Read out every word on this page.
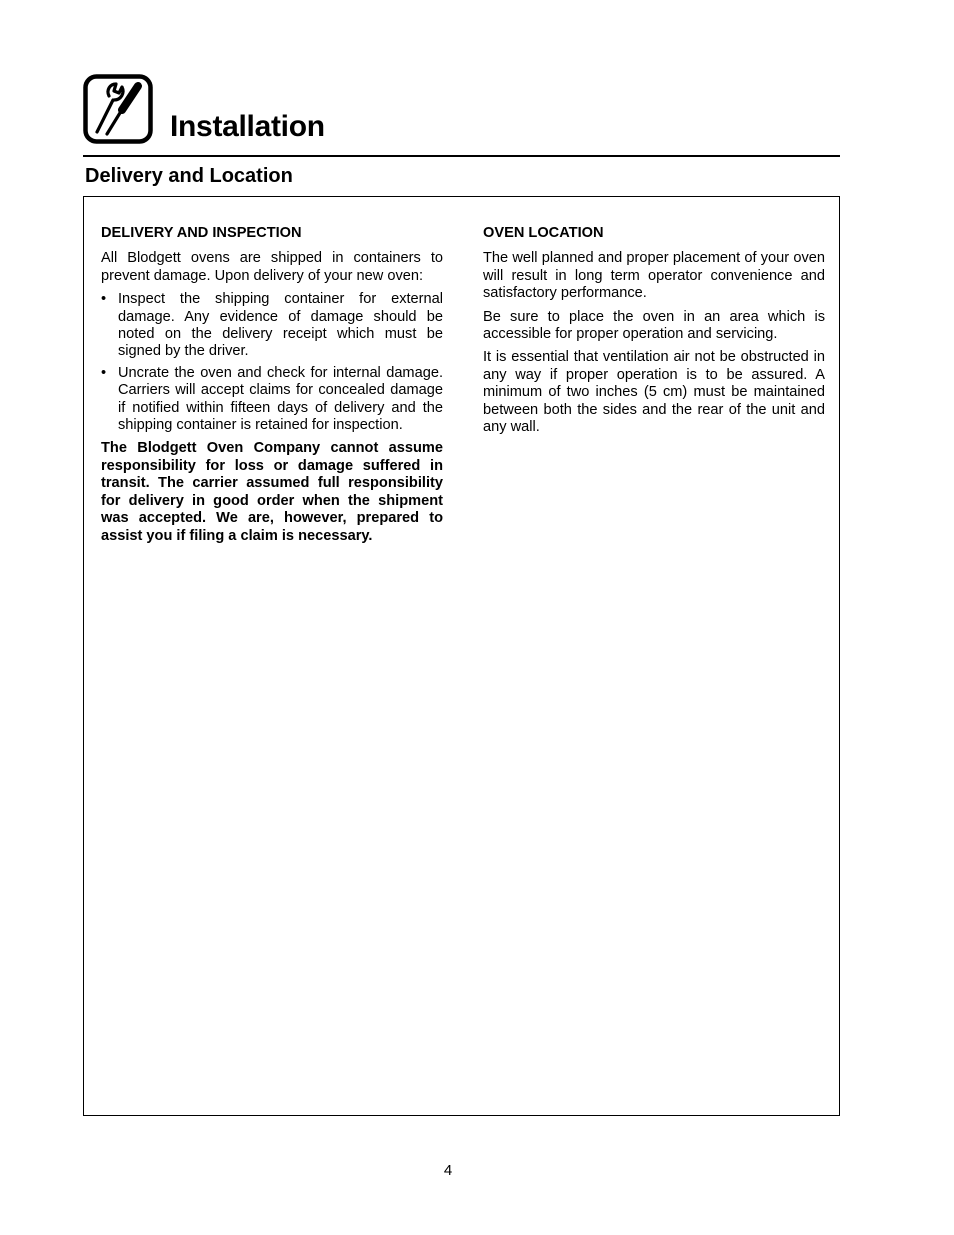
Installation
Delivery and Location
DELIVERY AND INSPECTION

All Blodgett ovens are shipped in containers to prevent damage. Upon delivery of your new oven:

• Inspect the shipping container for external damage. Any evidence of damage should be noted on the delivery receipt which must be signed by the driver.
• Uncrate the oven and check for internal damage. Carriers will accept claims for concealed damage if notified within fifteen days of delivery and the shipping container is retained for inspection.

The Blodgett Oven Company cannot assume responsibility for loss or damage suffered in transit. The carrier assumed full responsibility for delivery in good order when the shipment was accepted. We are, however, prepared to assist you if filing a claim is necessary.

OVEN LOCATION

The well planned and proper placement of your oven will result in long term operator convenience and satisfactory performance.

Be sure to place the oven in an area which is accessible for proper operation and servicing.

It is essential that ventilation air not be obstructed in any way if proper operation is to be assured. A minimum of two inches (5 cm) must be maintained between both the sides and the rear of the unit and any wall.

4
